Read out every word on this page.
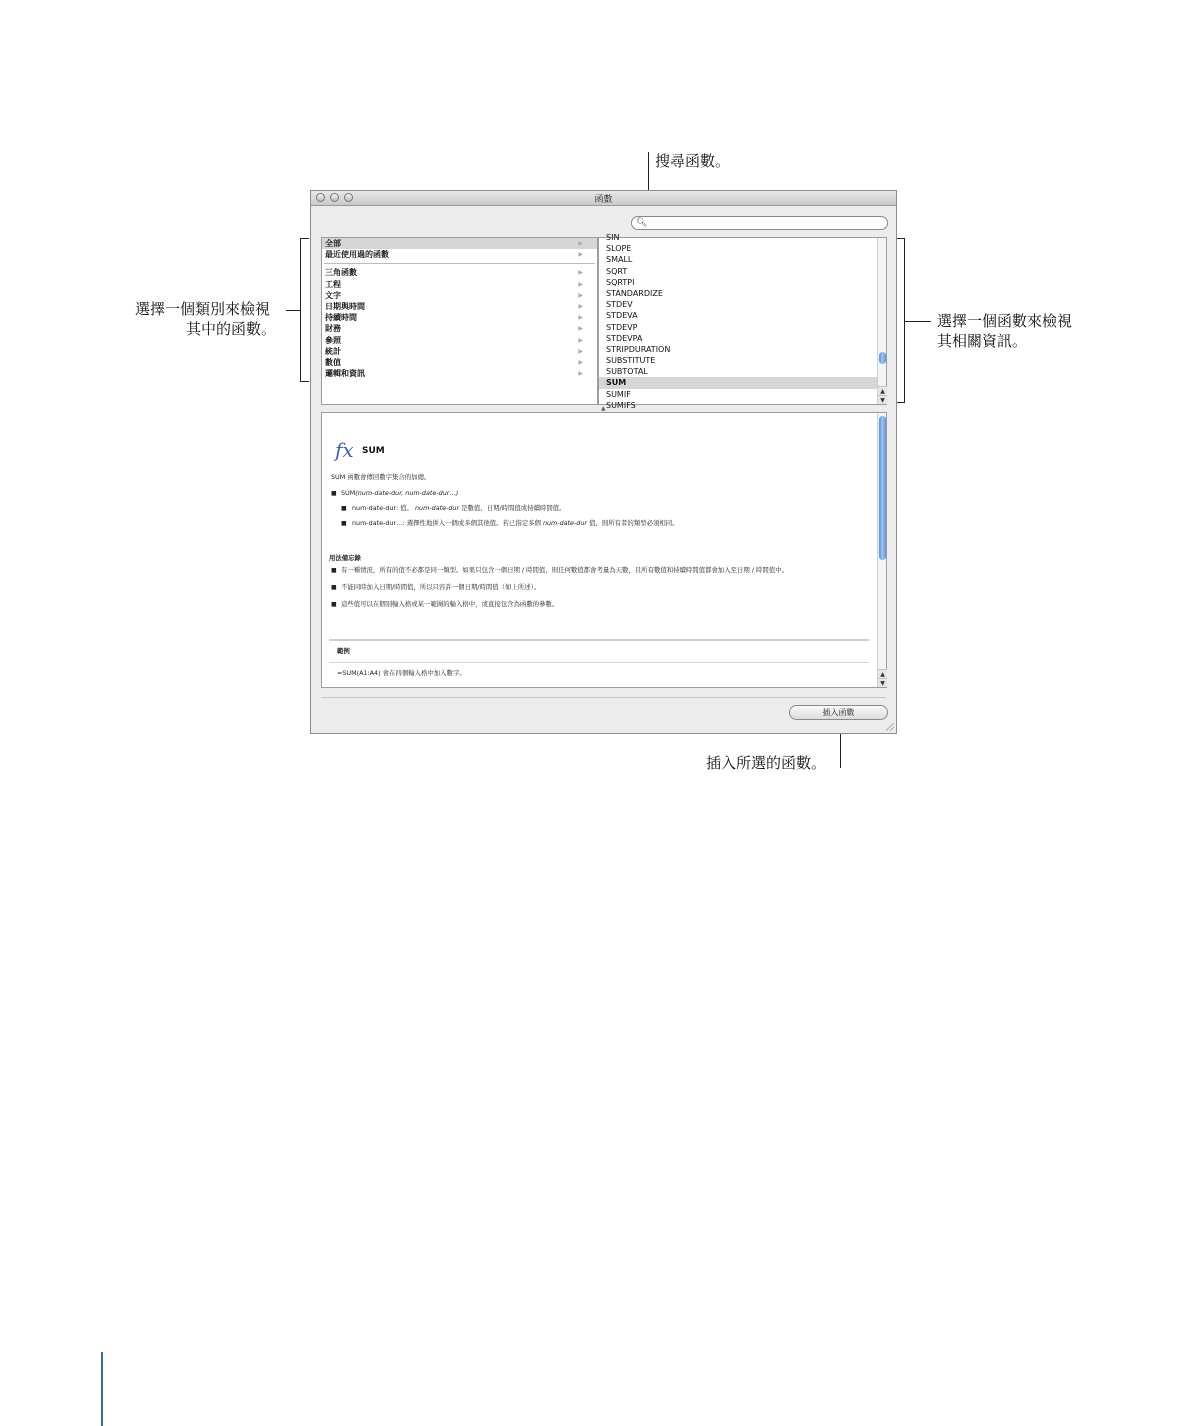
搜尋函數。
選擇一個類別來檢視
其中的函數。	選擇一個函數來檢視
其相關資訊。
插入所選的函數。
函數
🔍︎
全部	▶
最近使用過的函數	▶
三角函數	▶
工程	▶
文字	▶
日期與時間	▶
持續時間	▶
財務	▶
參照	▶
統計	▶
數值	▶
邏輯和資訊	▶
SIN
SLOPE
SMALL
SQRT
SQRTPI
STANDARDIZE
STDEV
STDEVA
STDEVP
STDEVPA
STRIPDURATION
SUBSTITUTE
SUBTOTAL
SUM
SUMIF
SUMIFS
▲
▼
▲
fx SUM
SUM 函數會傳回數字集合的加總。
■ SUM(num-date-dur, num-date-dur…)
■ num-date-dur: 值。 num-date-dur 是數值、日期/時間值或持續時間值。
■ num-date-dur…: 選擇性地併入一個或多個其他值。若已指定多個 num-date-dur 值，則所有者的類型必須相同。
用法備忘錄
■ 有一種情況，所有的值不必都是同一類型。如果只包含一個日期 / 時間值，則任何數值都會考量為天數，且所有數值和持續時間值都會加入至日期 / 時間值中。
■ 不能同時加入日期/時間值，所以只容許一個日期/時間值（如上所述）。
■ 這些值可以在個別輸入格或某一範圍的輸入格中，或直接包含為函數的參數。
範例
=SUM(A1:A4) 會在四個輸入格中加入數字。	▲
▼
插入函數
